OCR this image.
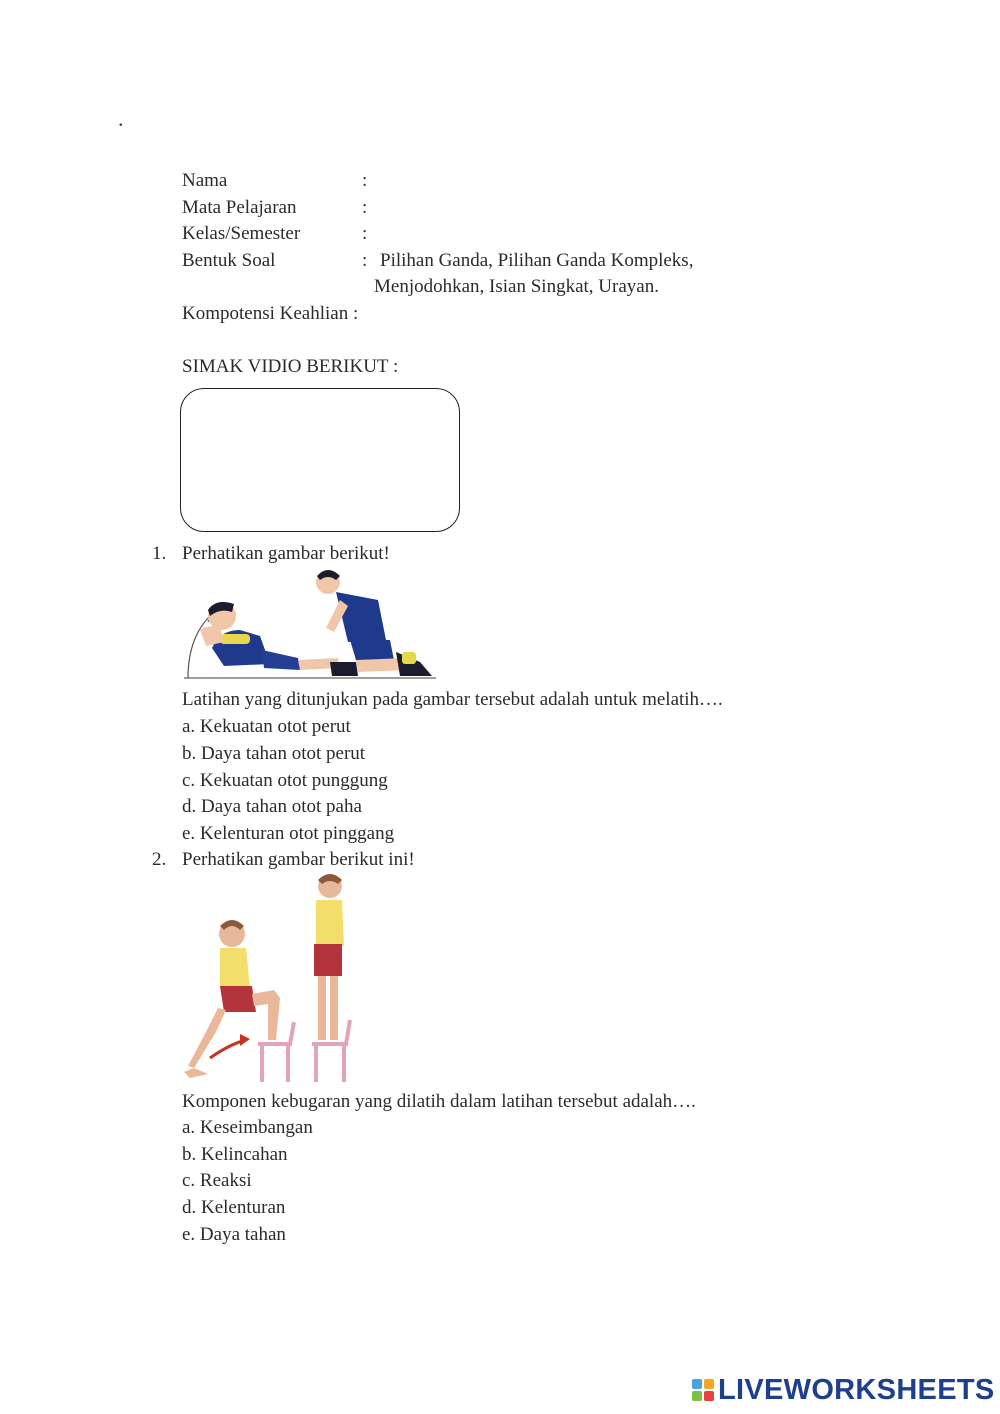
.
Nama	:
Mata Pelajaran	:
Kelas/Semester	:
Bentuk Soal	: Pilihan Ganda, Pilihan Ganda Kompleks,
Menjodohkan, Isian Singkat, Urayan.
Kompotensi Keahlian :
SIMAK VIDIO BERIKUT :
1. Perhatikan gambar berikut!
Latihan yang ditunjukan pada gambar tersebut adalah untuk melatih….
a. Kekuatan otot perut
b. Daya tahan otot perut
c. Kekuatan otot punggung
d. Daya tahan otot paha
e. Kelenturan otot pinggang
2. Perhatikan gambar berikut ini!
Komponen kebugaran yang dilatih dalam latihan tersebut adalah….
a. Keseimbangan
b. Kelincahan
c. Reaksi
d. Kelenturan
e. Daya tahan
LIVEWORKSHEETS
